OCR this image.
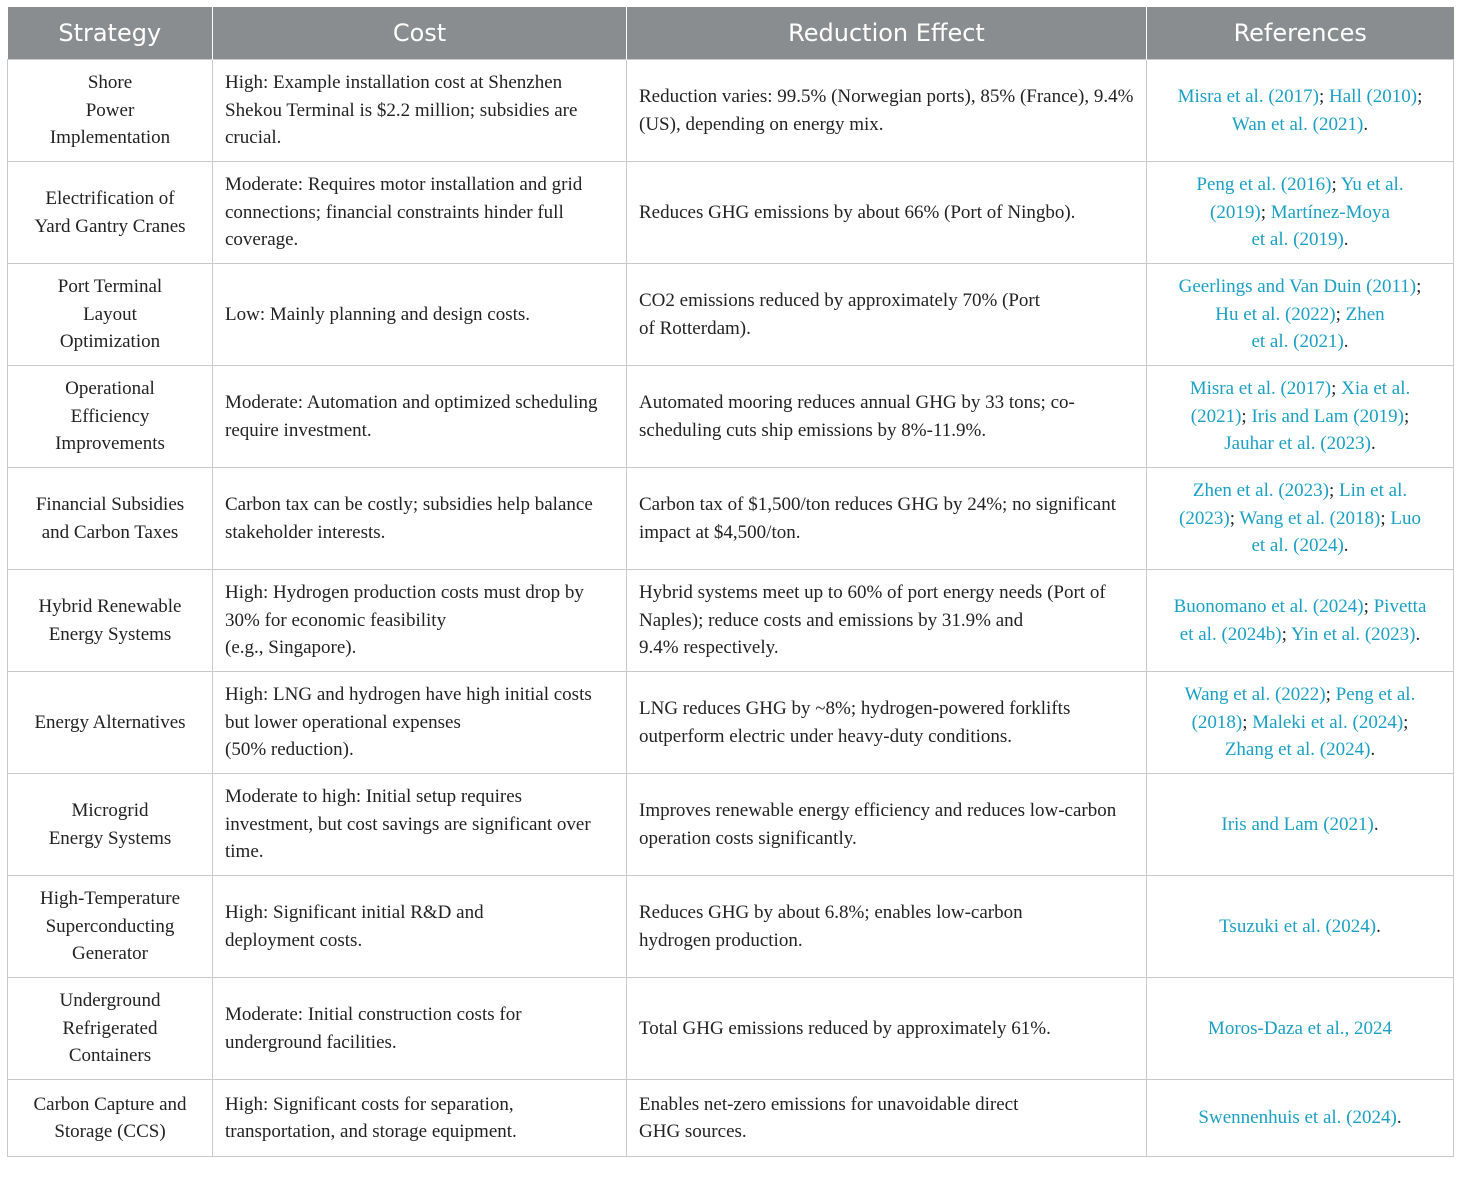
Strategy	Cost	Reduction Effect	References

Shore
Power
Implementation	High: Example installation cost at Shenzhen Shekou Terminal is $2.2 million; subsidies are crucial.	Reduction varies: 99.5% (Norwegian ports), 85% (France), 9.4% (US), depending on energy mix.	Misra et al. (2017); Hall (2010);
Wan et al. (2021).

Electrification of
Yard Gantry Cranes	Moderate: Requires motor installation and grid connections; financial constraints hinder full coverage.	Reduces GHG emissions by about 66% (Port of Ningbo).	Peng et al. (2016); Yu et al.
(2019); Martínez-Moya
et al. (2019).

Port Terminal
Layout
Optimization	Low: Mainly planning and design costs.	CO2 emissions reduced by approximately 70% (Port
of Rotterdam).	Geerlings and Van Duin (2011);
Hu et al. (2022); Zhen
et al. (2021).

Operational
Efficiency
Improvements	Moderate: Automation and optimized scheduling require investment.	Automated mooring reduces annual GHG by 33 tons; co-scheduling cuts ship emissions by 8%-11.9%.	Misra et al. (2017); Xia et al.
(2021); Iris and Lam (2019);
Jauhar et al. (2023).

Financial Subsidies
and Carbon Taxes	Carbon tax can be costly; subsidies help balance stakeholder interests.	Carbon tax of $1,500/ton reduces GHG by 24%; no significant impact at $4,500/ton.	Zhen et al. (2023); Lin et al.
(2023); Wang et al. (2018); Luo
et al. (2024).

Hybrid Renewable
Energy Systems	High: Hydrogen production costs must drop by 30% for economic feasibility
(e.g., Singapore).	Hybrid systems meet up to 60% of port energy needs (Port of Naples); reduce costs and emissions by 31.9% and
9.4% respectively.	Buonomano et al. (2024); Pivetta
et al. (2024b); Yin et al. (2023).

Energy Alternatives	High: LNG and hydrogen have high initial costs but lower operational expenses
(50% reduction).	LNG reduces GHG by ~8%; hydrogen-powered forklifts outperform electric under heavy-duty conditions.	Wang et al. (2022); Peng et al.
(2018); Maleki et al. (2024);
Zhang et al. (2024).

Microgrid
Energy Systems	Moderate to high: Initial setup requires investment, but cost savings are significant over time.	Improves renewable energy efficiency and reduces low-carbon operation costs significantly.	Iris and Lam (2021).

High-Temperature
Superconducting
Generator	High: Significant initial R&D and
deployment costs.	Reduces GHG by about 6.8%; enables low-carbon
hydrogen production.	Tsuzuki et al. (2024).

Underground
Refrigerated
Containers	Moderate: Initial construction costs for underground facilities.	Total GHG emissions reduced by approximately 61%.	Moros-Daza et al., 2024

Carbon Capture and
Storage (CCS)	High: Significant costs for separation, transportation, and storage equipment.	Enables net-zero emissions for unavoidable direct
GHG sources.	Swennenhuis et al. (2024).
